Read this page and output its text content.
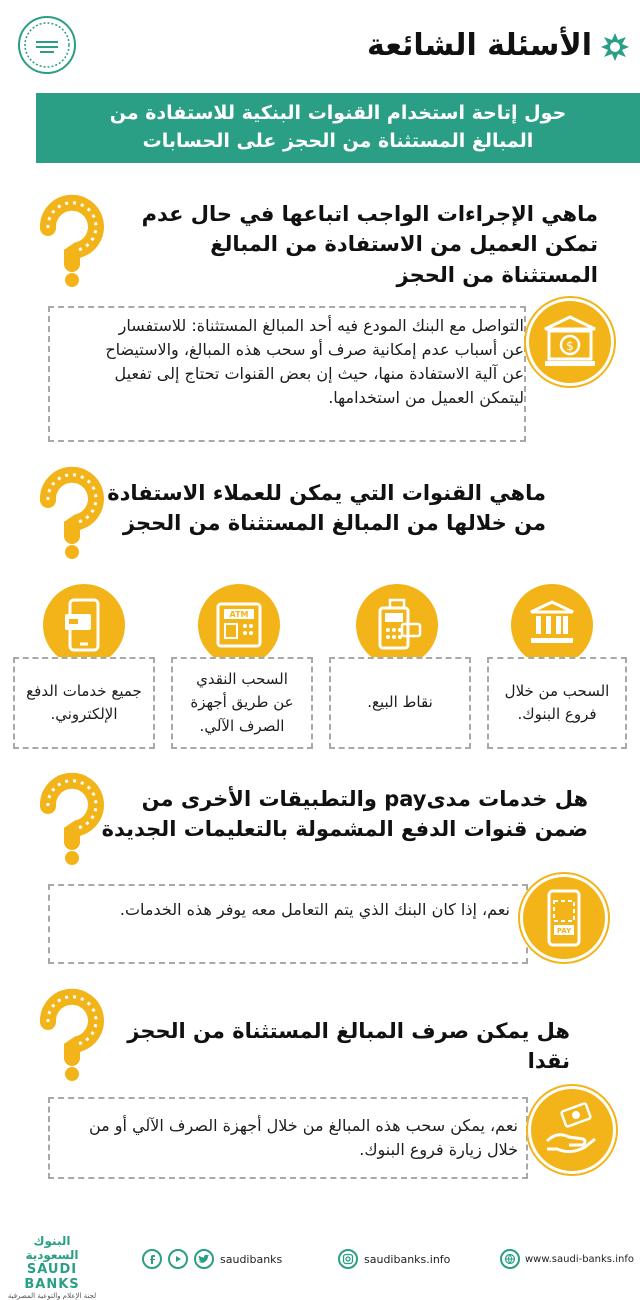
الأسئلة الشائعة
حول إتاحة استخدام القنوات البنكية للاستفادة من
المبالغ المستثناة من الحجز على الحسابات
ماهي الإجراءات الواجب اتباعها في حال عدم تمكن العميل من الاستفادة من المبالغ المستثناة من الحجز
التواصل مع البنك المودع فيه أحد المبالغ المستثناة: للاستفسار عن أسباب عدم إمكانية صرف أو سحب هذه المبالغ، والاستيضاح عن آلية الاستفادة منها، حيث إن بعض القنوات تحتاج إلى تفعيل ليتمكن العميل من استخدامها.
$
ماهي القنوات التي يمكن للعملاء الاستفادة من خلالها من المبالغ المستثناة من الحجز
ATM
السحب من خلال فروع البنوك.
نقاط البيع.
السحب النقدي عن طريق أجهزة الصرف الآلي.
جميع خدمات الدفع الإلكتروني.
هل خدمات مدىpay والتطبيقات الأخرى من ضمن قنوات الدفع المشمولة بالتعليمات الجديدة
نعم، إذا كان البنك الذي يتم التعامل معه يوفر هذه الخدمات.
PAY
هل يمكن صرف المبالغ المستثناة من الحجز نقدا
نعم، يمكن سحب هذه المبالغ من خلال أجهزة الصرف الآلي أو من خلال زيارة فروع البنوك.
البنوك السعودية
SAUDI BANKS
لجنة الإعلام والتوعية المصرفية
saudibanks	saudibanks.info	www.saudi-banks.info
